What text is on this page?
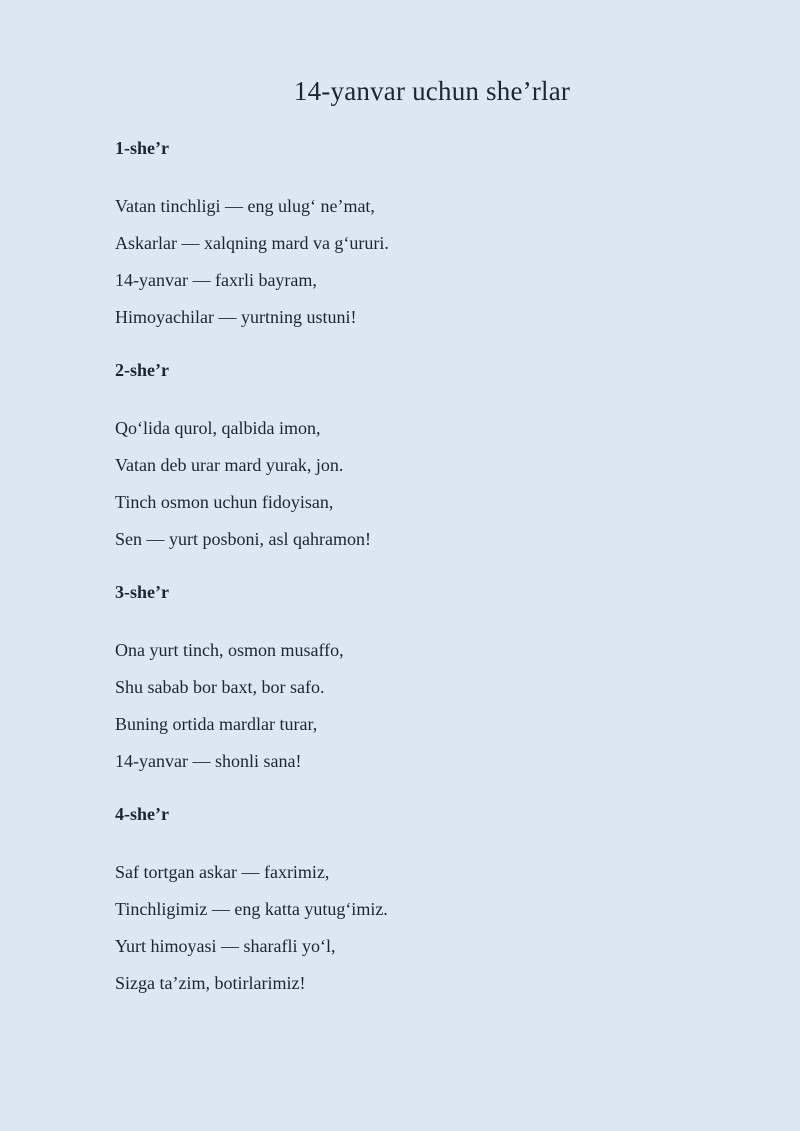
14-yanvar uchun she’rlar
1-she’r
Vatan tinchligi — eng ulugʻ ne’mat,
Askarlar — xalqning mard va gʻururi.
14-yanvar — faxrli bayram,
Himoyachilar — yurtning ustuni!
2-she’r
Qoʻlida qurol, qalbida imon,
Vatan deb urar mard yurak, jon.
Tinch osmon uchun fidoyisan,
Sen — yurt posboni, asl qahramon!
3-she’r
Ona yurt tinch, osmon musaffo,
Shu sabab bor baxt, bor safo.
Buning ortida mardlar turar,
14-yanvar — shonli sana!
4-she’r
Saf tortgan askar — faxrimiz,
Tinchligimiz — eng katta yutugʻimiz.
Yurt himoyasi — sharafli yoʻl,
Sizga ta’zim, botirlarimiz!
